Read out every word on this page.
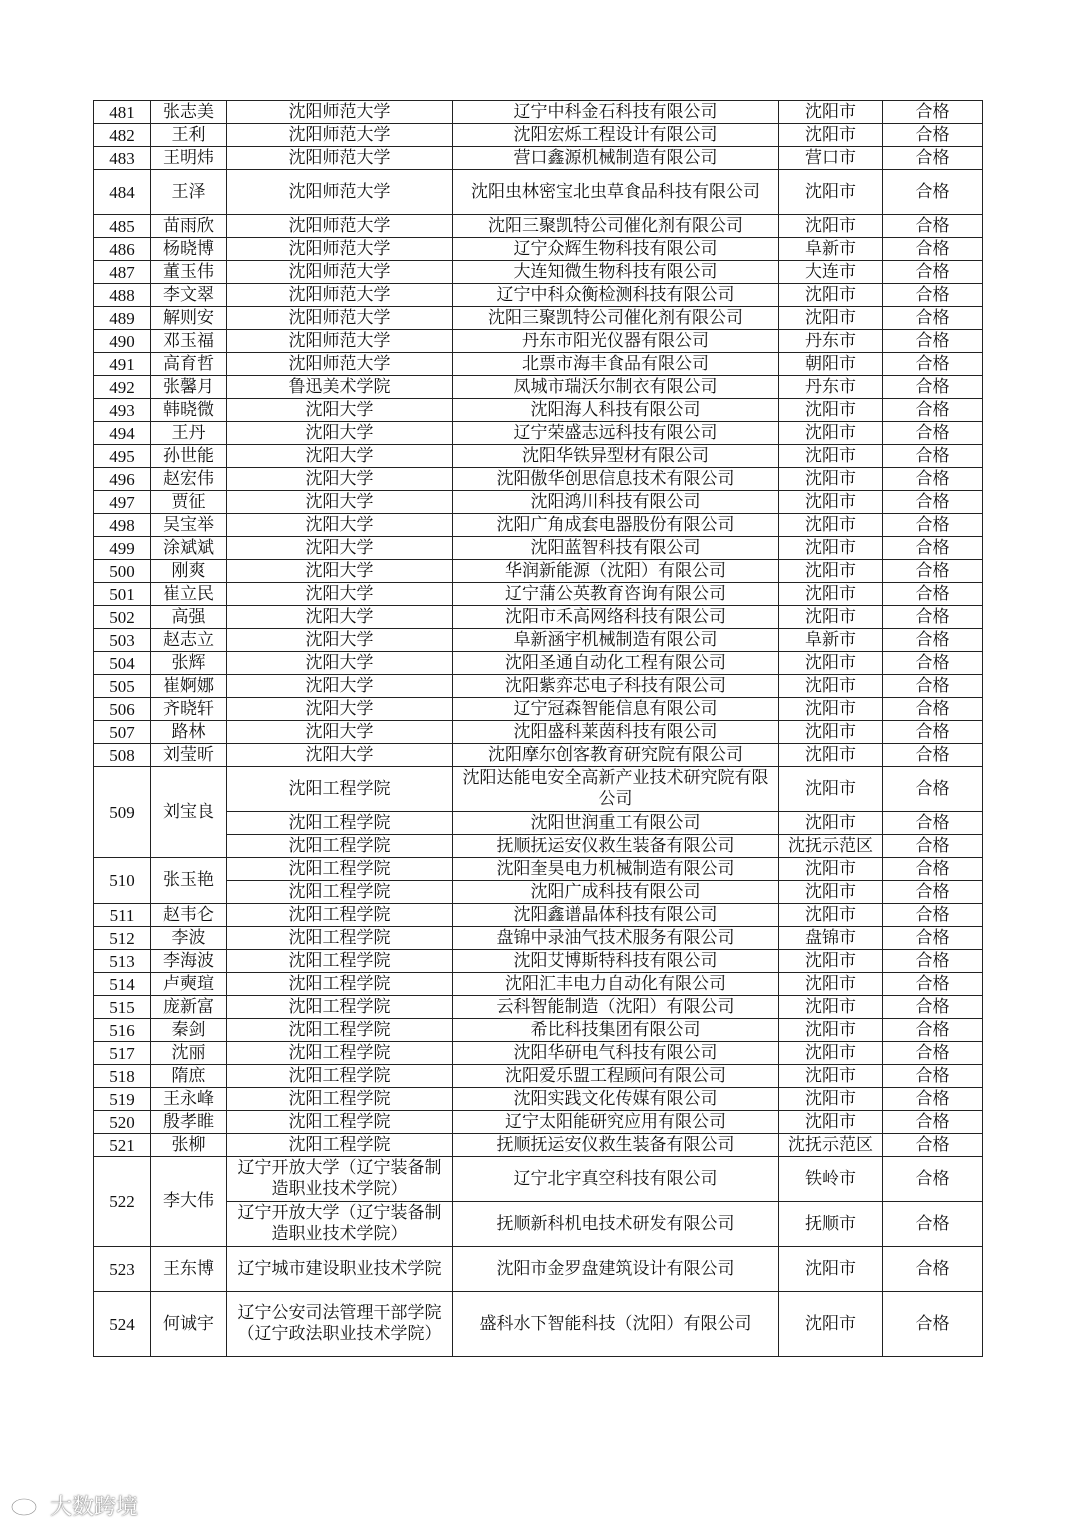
481	张志美	沈阳师范大学	辽宁中科金石科技有限公司	沈阳市	合格
482	王利	沈阳师范大学	沈阳宏烁工程设计有限公司	沈阳市	合格
483	王明炜	沈阳师范大学	营口鑫源机械制造有限公司	营口市	合格
484	王泽	沈阳师范大学	沈阳虫林密宝北虫草食品科技有限公司	沈阳市	合格
485	苗雨欣	沈阳师范大学	沈阳三聚凯特公司催化剂有限公司	沈阳市	合格
486	杨晓博	沈阳师范大学	辽宁众辉生物科技有限公司	阜新市	合格
487	董玉伟	沈阳师范大学	大连知微生物科技有限公司	大连市	合格
488	李文翠	沈阳师范大学	辽宁中科众衡检测科技有限公司	沈阳市	合格
489	解则安	沈阳师范大学	沈阳三聚凯特公司催化剂有限公司	沈阳市	合格
490	邓玉福	沈阳师范大学	丹东市阳光仪器有限公司	丹东市	合格
491	高育哲	沈阳师范大学	北票市海丰食品有限公司	朝阳市	合格
492	张馨月	鲁迅美术学院	凤城市瑞沃尔制衣有限公司	丹东市	合格
493	韩晓微	沈阳大学	沈阳海人科技有限公司	沈阳市	合格
494	王丹	沈阳大学	辽宁荣盛志远科技有限公司	沈阳市	合格
495	孙世能	沈阳大学	沈阳华铁异型材有限公司	沈阳市	合格
496	赵宏伟	沈阳大学	沈阳傲华创思信息技术有限公司	沈阳市	合格
497	贾征	沈阳大学	沈阳鸿川科技有限公司	沈阳市	合格
498	吴宝举	沈阳大学	沈阳广角成套电器股份有限公司	沈阳市	合格
499	涂斌斌	沈阳大学	沈阳蓝智科技有限公司	沈阳市	合格
500	刚爽	沈阳大学	华润新能源（沈阳）有限公司	沈阳市	合格
501	崔立民	沈阳大学	辽宁蒲公英教育咨询有限公司	沈阳市	合格
502	高强	沈阳大学	沈阳市禾高网络科技有限公司	沈阳市	合格
503	赵志立	沈阳大学	阜新涵宇机械制造有限公司	阜新市	合格
504	张辉	沈阳大学	沈阳圣通自动化工程有限公司	沈阳市	合格
505	崔婀娜	沈阳大学	沈阳紫弈芯电子科技有限公司	沈阳市	合格
506	齐晓轩	沈阳大学	辽宁冠森智能信息有限公司	沈阳市	合格
507	路林	沈阳大学	沈阳盛科莱茵科技有限公司	沈阳市	合格
508	刘莹昕	沈阳大学	沈阳摩尔创客教育研究院有限公司	沈阳市	合格
509	刘宝良	沈阳工程学院	沈阳达能电安全高新产业技术研究院有限公司	沈阳市	合格
		沈阳工程学院	沈阳世润重工有限公司	沈阳市	合格
		沈阳工程学院	抚顺抚运安仪救生装备有限公司	沈抚示范区	合格
510	张玉艳	沈阳工程学院	沈阳奎昊电力机械制造有限公司	沈阳市	合格
		沈阳工程学院	沈阳广成科技有限公司	沈阳市	合格
511	赵韦仑	沈阳工程学院	沈阳鑫谱晶体科技有限公司	沈阳市	合格
512	李波	沈阳工程学院	盘锦中录油气技术服务有限公司	盘锦市	合格
513	李海波	沈阳工程学院	沈阳艾博斯特科技有限公司	沈阳市	合格
514	卢奭瑄	沈阳工程学院	沈阳汇丰电力自动化有限公司	沈阳市	合格
515	庞新富	沈阳工程学院	云科智能制造（沈阳）有限公司	沈阳市	合格
516	秦剑	沈阳工程学院	希比科技集团有限公司	沈阳市	合格
517	沈丽	沈阳工程学院	沈阳华研电气科技有限公司	沈阳市	合格
518	隋庶	沈阳工程学院	沈阳爱乐盟工程顾问有限公司	沈阳市	合格
519	王永峰	沈阳工程学院	沈阳实践文化传媒有限公司	沈阳市	合格
520	殷孝睢	沈阳工程学院	辽宁太阳能研究应用有限公司	沈阳市	合格
521	张柳	沈阳工程学院	抚顺抚运安仪救生装备有限公司	沈抚示范区	合格
522	李大伟	辽宁开放大学（辽宁装备制造职业技术学院）	辽宁北宇真空科技有限公司	铁岭市	合格
		辽宁开放大学（辽宁装备制造职业技术学院）	抚顺新科机电技术研发有限公司	抚顺市	合格
523	王东博	辽宁城市建设职业技术学院	沈阳市金罗盘建筑设计有限公司	沈阳市	合格
524	何诚宇	辽宁公安司法管理干部学院（辽宁政法职业技术学院）	盛科水下智能科技（沈阳）有限公司	沈阳市	合格
大数跨境
